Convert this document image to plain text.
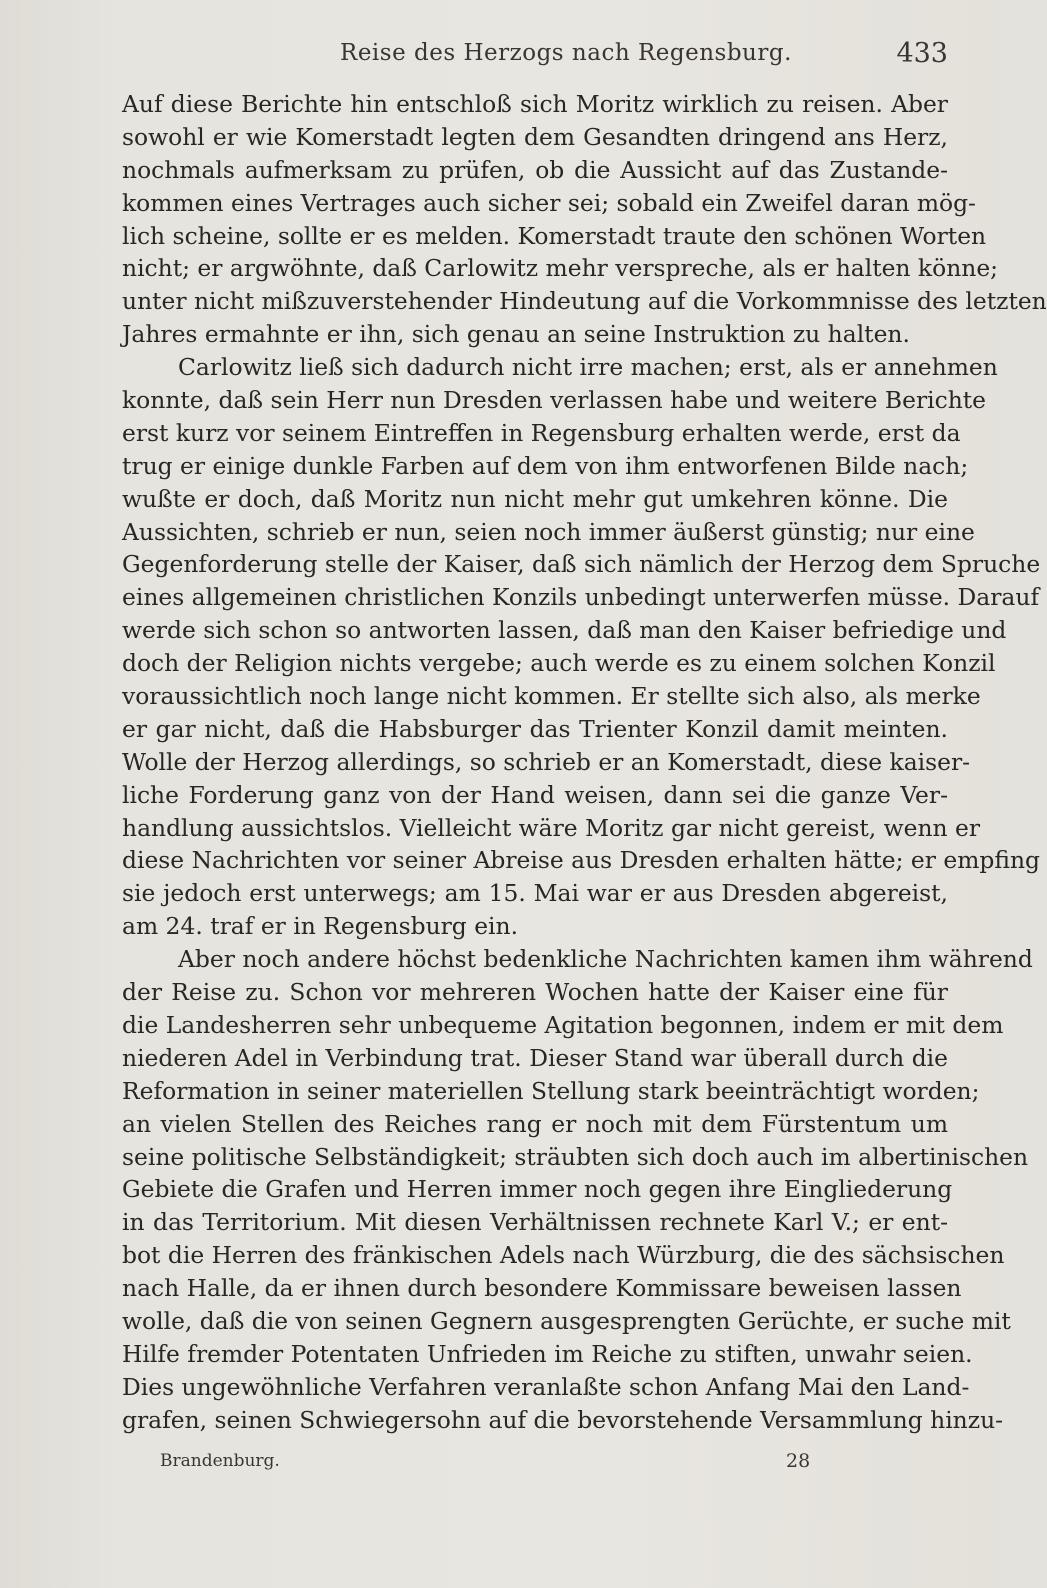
Reise des Herzogs nach Regensburg.	433
Auf diese Berichte hin entschloß sich Moritz wirklich zu reisen. Aber
sowohl er wie Komerstadt legten dem Gesandten dringend ans Herz,
nochmals aufmerksam zu prüfen, ob die Aussicht auf das Zustande-
kommen eines Vertrages auch sicher sei; sobald ein Zweifel daran mög-
lich scheine, sollte er es melden. Komerstadt traute den schönen Worten
nicht; er argwöhnte, daß Carlowitz mehr verspreche, als er halten könne;
unter nicht mißzuverstehender Hindeutung auf die Vorkommnisse des letzten
Jahres ermahnte er ihn, sich genau an seine Instruktion zu halten.
Carlowitz ließ sich dadurch nicht irre machen; erst, als er annehmen
konnte, daß sein Herr nun Dresden verlassen habe und weitere Berichte
erst kurz vor seinem Eintreffen in Regensburg erhalten werde, erst da
trug er einige dunkle Farben auf dem von ihm entworfenen Bilde nach;
wußte er doch, daß Moritz nun nicht mehr gut umkehren könne. Die
Aussichten, schrieb er nun, seien noch immer äußerst günstig; nur eine
Gegenforderung stelle der Kaiser, daß sich nämlich der Herzog dem Spruche
eines allgemeinen christlichen Konzils unbedingt unterwerfen müsse. Darauf
werde sich schon so antworten lassen, daß man den Kaiser befriedige und
doch der Religion nichts vergebe; auch werde es zu einem solchen Konzil
voraussichtlich noch lange nicht kommen. Er stellte sich also, als merke
er gar nicht, daß die Habsburger das Trienter Konzil damit meinten.
Wolle der Herzog allerdings, so schrieb er an Komerstadt, diese kaiser-
liche Forderung ganz von der Hand weisen, dann sei die ganze Ver-
handlung aussichtslos. Vielleicht wäre Moritz gar nicht gereist, wenn er
diese Nachrichten vor seiner Abreise aus Dresden erhalten hätte; er empfing
sie jedoch erst unterwegs; am 15. Mai war er aus Dresden abgereist,
am 24. traf er in Regensburg ein.
Aber noch andere höchst bedenkliche Nachrichten kamen ihm während
der Reise zu. Schon vor mehreren Wochen hatte der Kaiser eine für
die Landesherren sehr unbequeme Agitation begonnen, indem er mit dem
niederen Adel in Verbindung trat. Dieser Stand war überall durch die
Reformation in seiner materiellen Stellung stark beeinträchtigt worden;
an vielen Stellen des Reiches rang er noch mit dem Fürstentum um
seine politische Selbständigkeit; sträubten sich doch auch im albertinischen
Gebiete die Grafen und Herren immer noch gegen ihre Eingliederung
in das Territorium. Mit diesen Verhältnissen rechnete Karl V.; er ent-
bot die Herren des fränkischen Adels nach Würzburg, die des sächsischen
nach Halle, da er ihnen durch besondere Kommissare beweisen lassen
wolle, daß die von seinen Gegnern ausgesprengten Gerüchte, er suche mit
Hilfe fremder Potentaten Unfrieden im Reiche zu stiften, unwahr seien.
Dies ungewöhnliche Verfahren veranlaßte schon Anfang Mai den Land-
grafen, seinen Schwiegersohn auf die bevorstehende Versammlung hinzu-
Brandenburg.	28
